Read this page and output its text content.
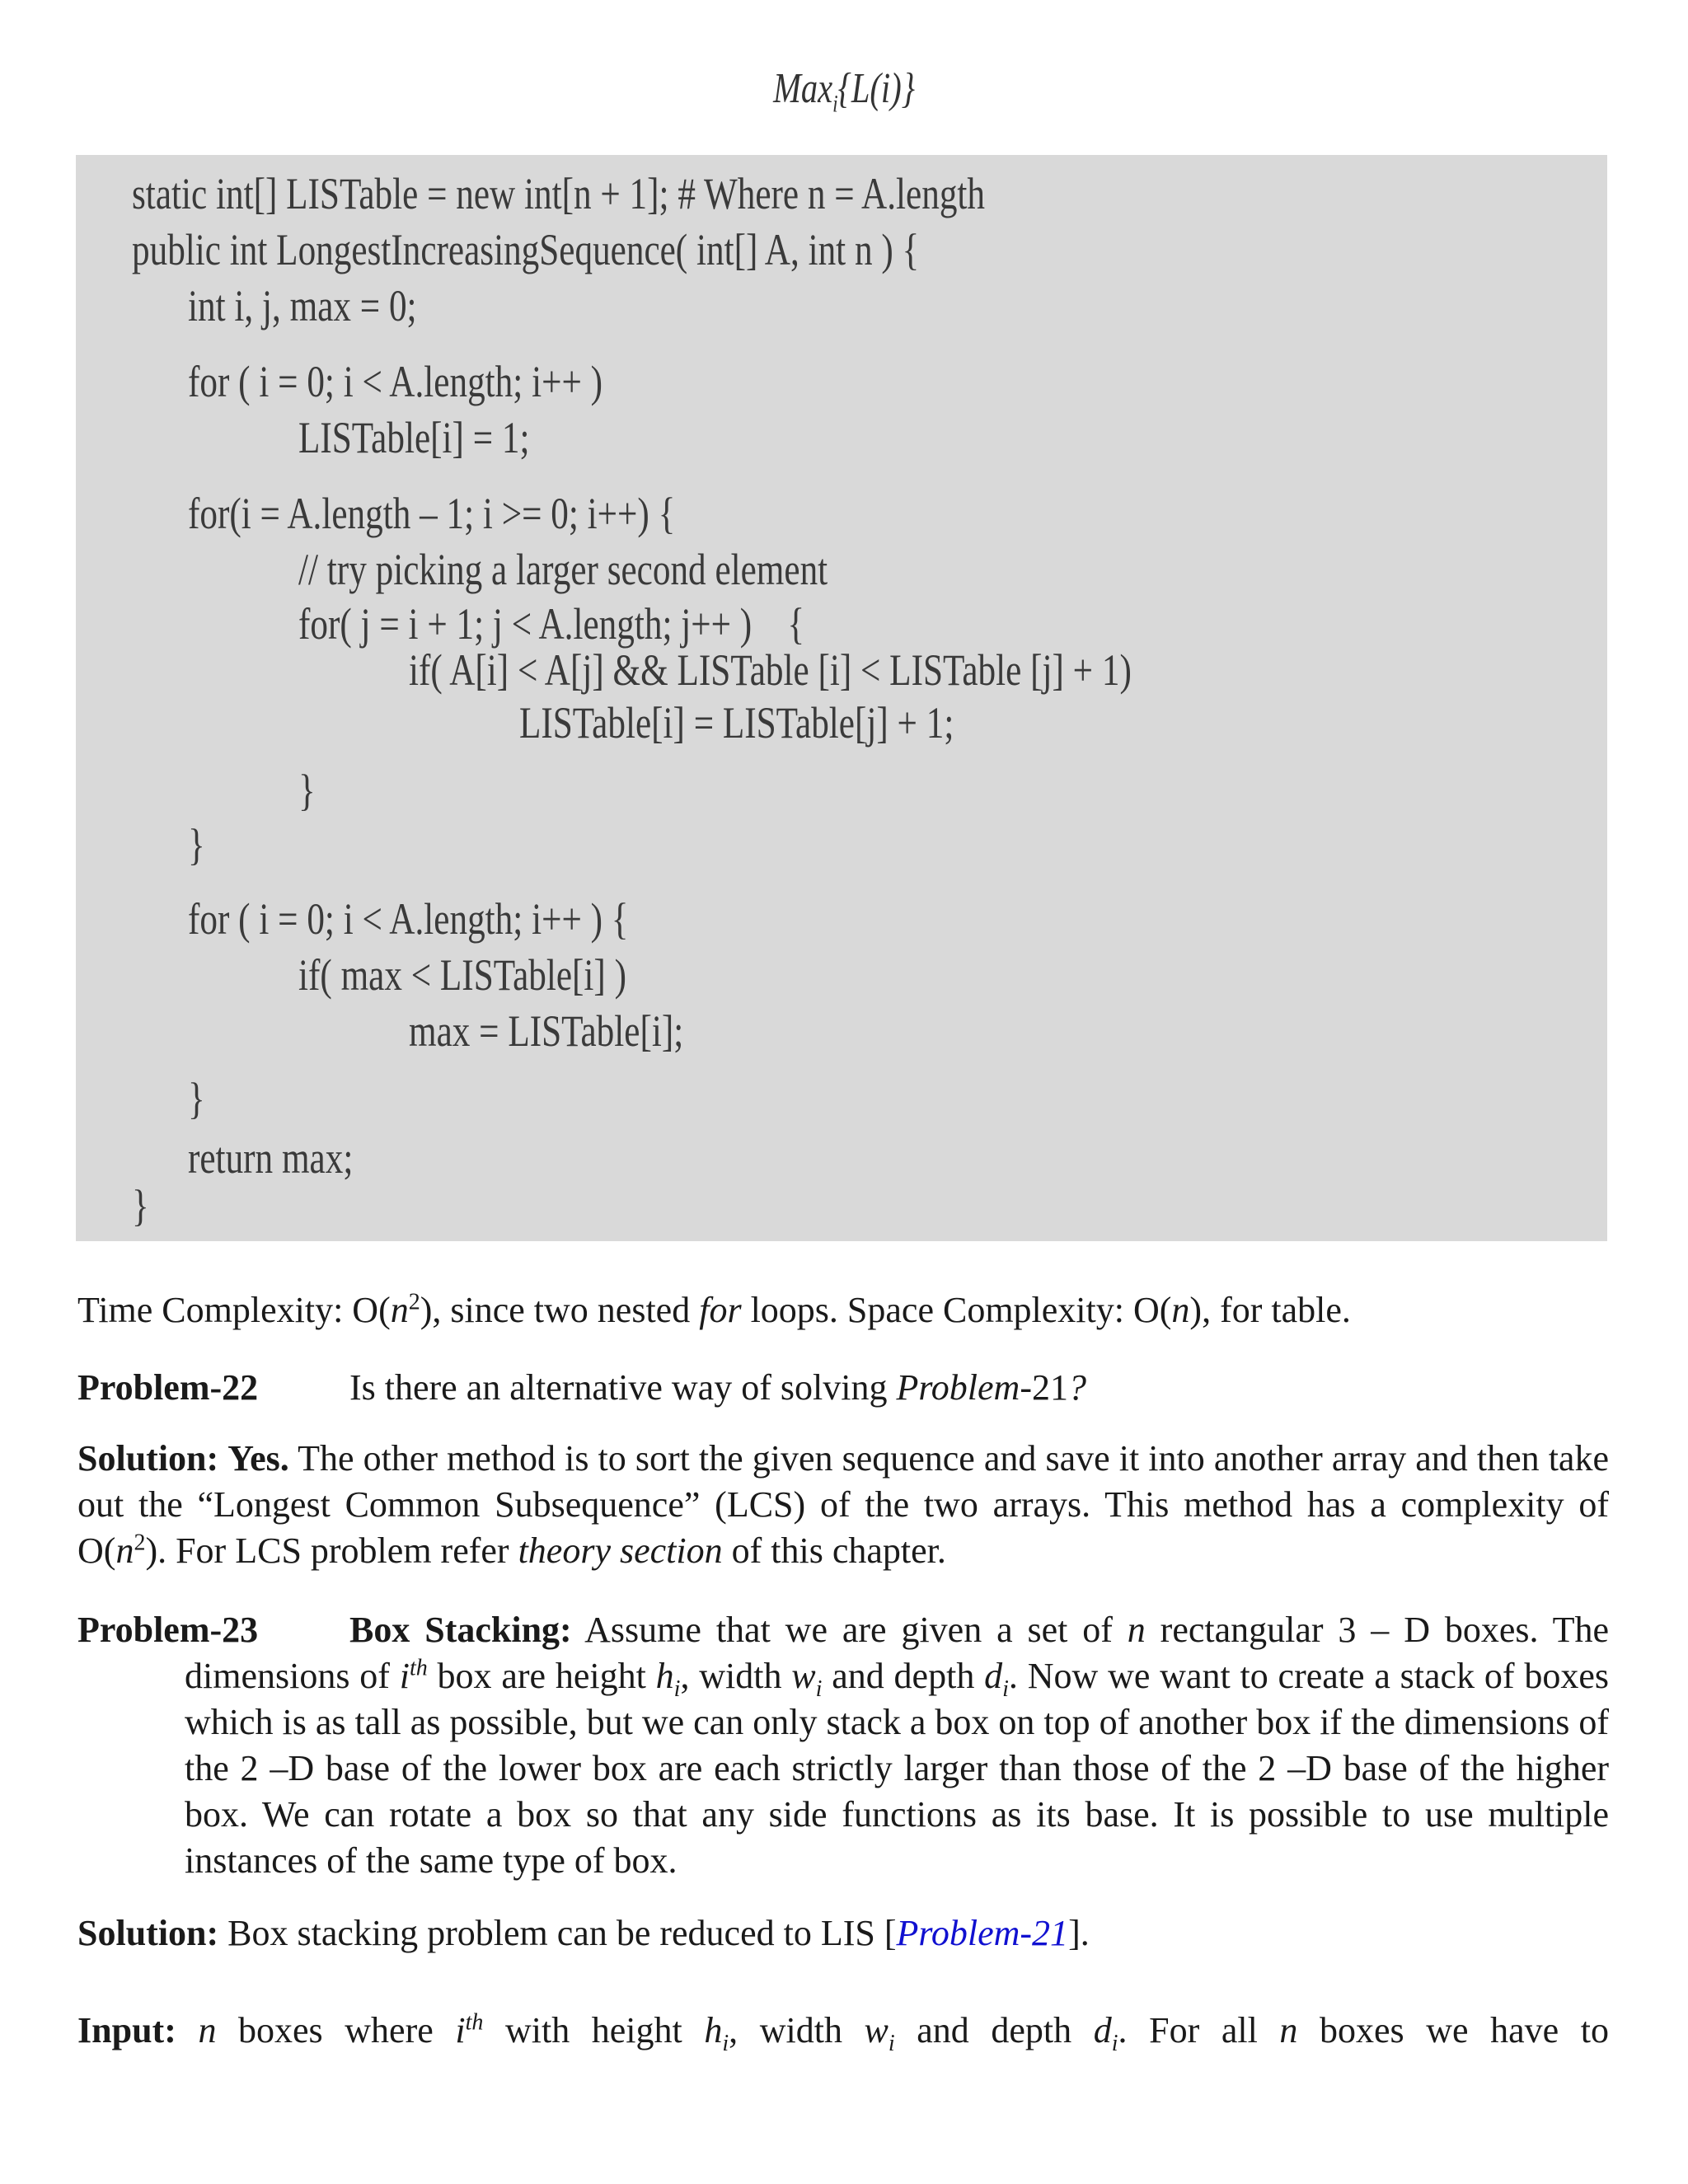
Max$_i${L(i)}
static int[] LISTable = new int[n + 1]; # Where n = A.length
public int LongestIncreasingSequence( int[] A, int n ) {
int i, j, max = 0;
for ( i = 0; i < A.length; i++ )
LISTable[i] = 1;
for(i = A.length – 1; i >= 0; i++) {
// try picking a larger second element
for( j = i + 1; j < A.length; j++ )    {
if( A[i] < A[j] && LISTable [i] < LISTable [j] + 1)
LISTable[i] = LISTable[j] + 1;
}
}
for ( i = 0; i < A.length; i++ ) {
if( max < LISTable[i] )
max = LISTable[i];
}
return max;
}
Time Complexity: $O(n^2)$, since two nested for loops. Space Complexity: O(n), for table.
Problem-22	Is there an alternative way of solving Problem-21?
Solution: Yes. The other method is to sort the given sequence and save it into another array and then take out the “Longest Common Subsequence” (LCS) of the two arrays. This method has a complexity of $O(n^2)$. For LCS problem refer theory section of this chapter.
Problem-23	Box Stacking: Assume that we are given a set of n rectangular 3 – D boxes. The dimensions of $i^{th}$ box are height $h_i$, width $w_i$ and depth $d_i$. Now we want to create a stack of boxes which is as tall as possible, but we can only stack a box on top of another box if the dimensions of the 2 –D base of the lower box are each strictly larger than those of the 2 –D base of the higher box. We can rotate a box so that any side functions as its base. It is possible to use multiple instances of the same type of box.
Solution: Box stacking problem can be reduced to LIS [Problem-21].
Input: n boxes where $i^{th}$ with height $h_i$, width $w_i$ and depth $d_i$. For all n boxes we have to
